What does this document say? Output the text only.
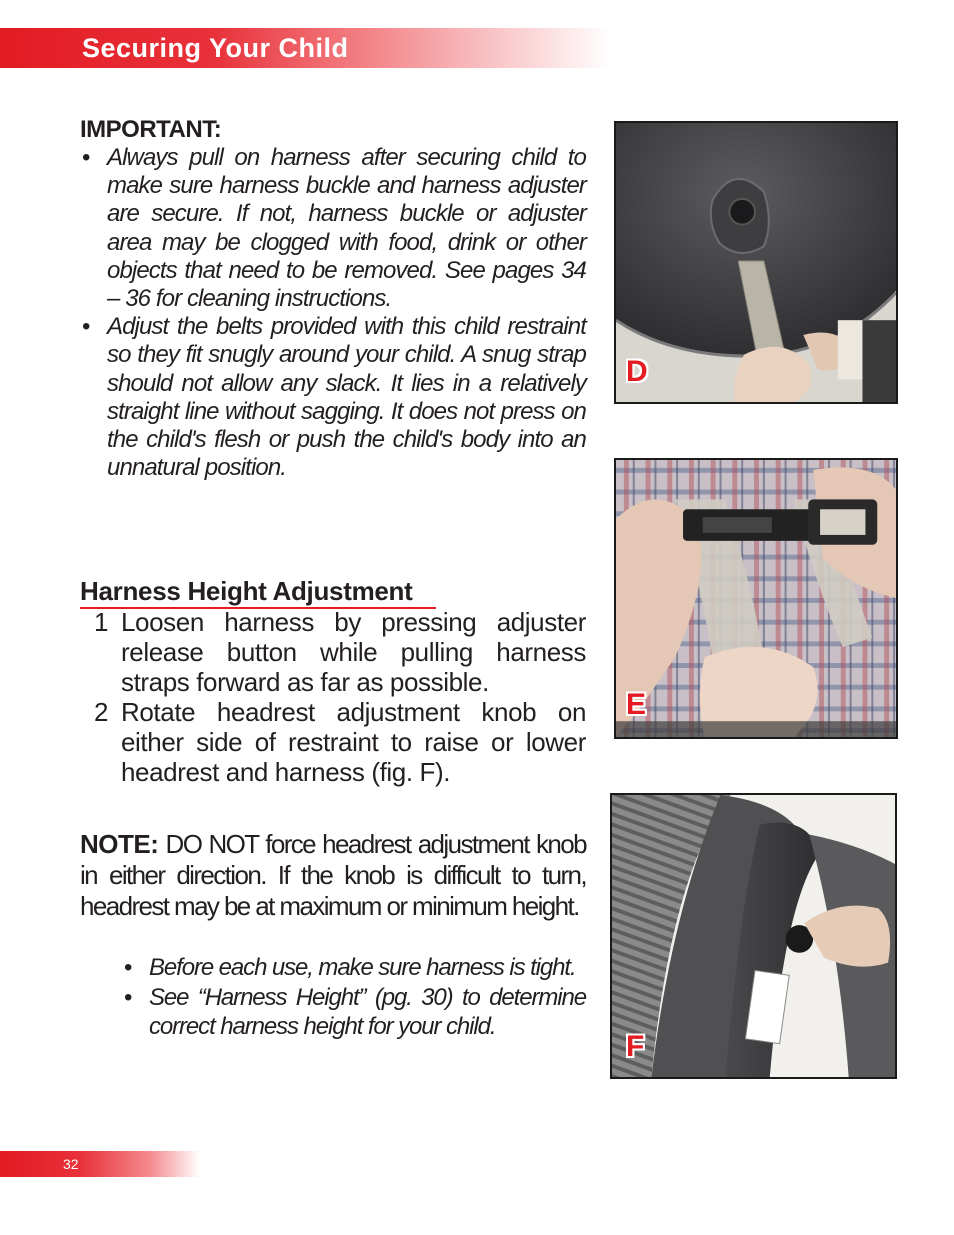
Securing Your Child
IMPORTANT:
• Always pull on harness after securing child to make sure harness buckle and harness adjuster are secure. If not, harness buckle or adjuster area may be clogged with food, drink or other objects that need to be removed. See pages 34 – 36 for cleaning instructions.
• Adjust the belts provided with this child restraint so they fit snugly around your child. A snug strap should not allow any slack. It lies in a relatively straight line without sagging. It does not press on the child's flesh or push the child's body into an unnatural position.
Harness Height Adjustment
1 Loosen harness by pressing adjuster release button while pulling harness straps forward as far as possible.
2 Rotate headrest adjustment knob on either side of restraint to raise or lower headrest and harness (fig. F).
NOTE: DO NOT force headrest adjustment knob in either direction. If the knob is difficult to turn, headrest may be at maximum or minimum height.
• Before each use, make sure harness is tight.
• See “Harness Height” (pg. 30) to determine correct harness height for your child.
D
E
F
32
